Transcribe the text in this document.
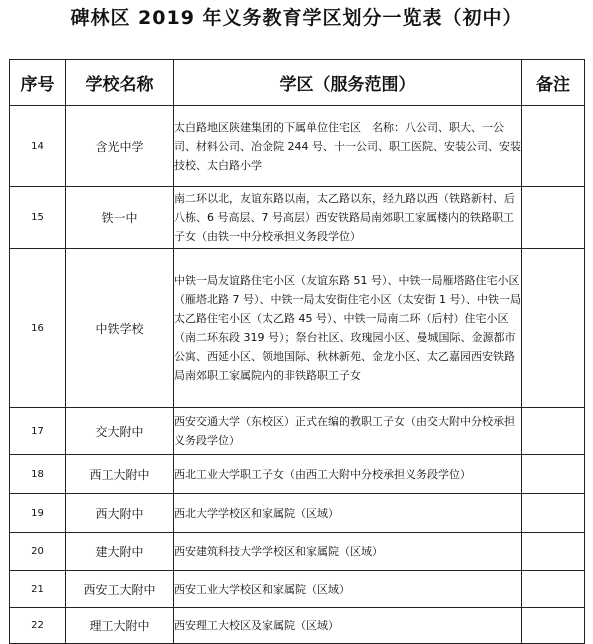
碑林区 2019 年义务教育学区划分一览表（初中）
序号	学校名称	学区（服务范围）	备注
14	含光中学	太白路地区陕建集团的下属单位住宅区　名称：八公司、职大、一公司、材料公司、冶金院 244 号、十一公司、职工医院、安装公司、安装技校、太白路小学	
15	铁一中	南二环以北，友谊东路以南，太乙路以东，经九路以西（铁路新村、后八栋、6 号高层、7 号高层）西安铁路局南郊职工家属楼内的铁路职工子女（由铁一中分校承担义务段学位）	
16	中铁学校	中铁一局友谊路住宅小区（友谊东路 51 号）、中铁一局雁塔路住宅小区（雁塔北路 7 号）、中铁一局太安街住宅小区（太安街 1 号）、中铁一局太乙路住宅小区（太乙路 45 号）、中铁一局南二环（后村）住宅小区（南二环东段 319 号）；祭台社区、玫瑰园小区、曼城国际、金源都市公寓、西延小区、领地国际、秋林新苑、金龙小区、太乙嘉园西安铁路局南郊职工家属院内的非铁路职工子女	
17	交大附中	西安交通大学（东校区）正式在编的教职工子女（由交大附中分校承担义务段学位）	
18	西工大附中	西北工业大学职工子女（由西工大附中分校承担义务段学位）	
19	西大附中	西北大学学校区和家属院（区域）	
20	建大附中	西安建筑科技大学学校区和家属院（区域）	
21	西安工大附中	西安工业大学校区和家属院（区域）	
22	理工大附中	西安理工大校区及家属院（区域）	
